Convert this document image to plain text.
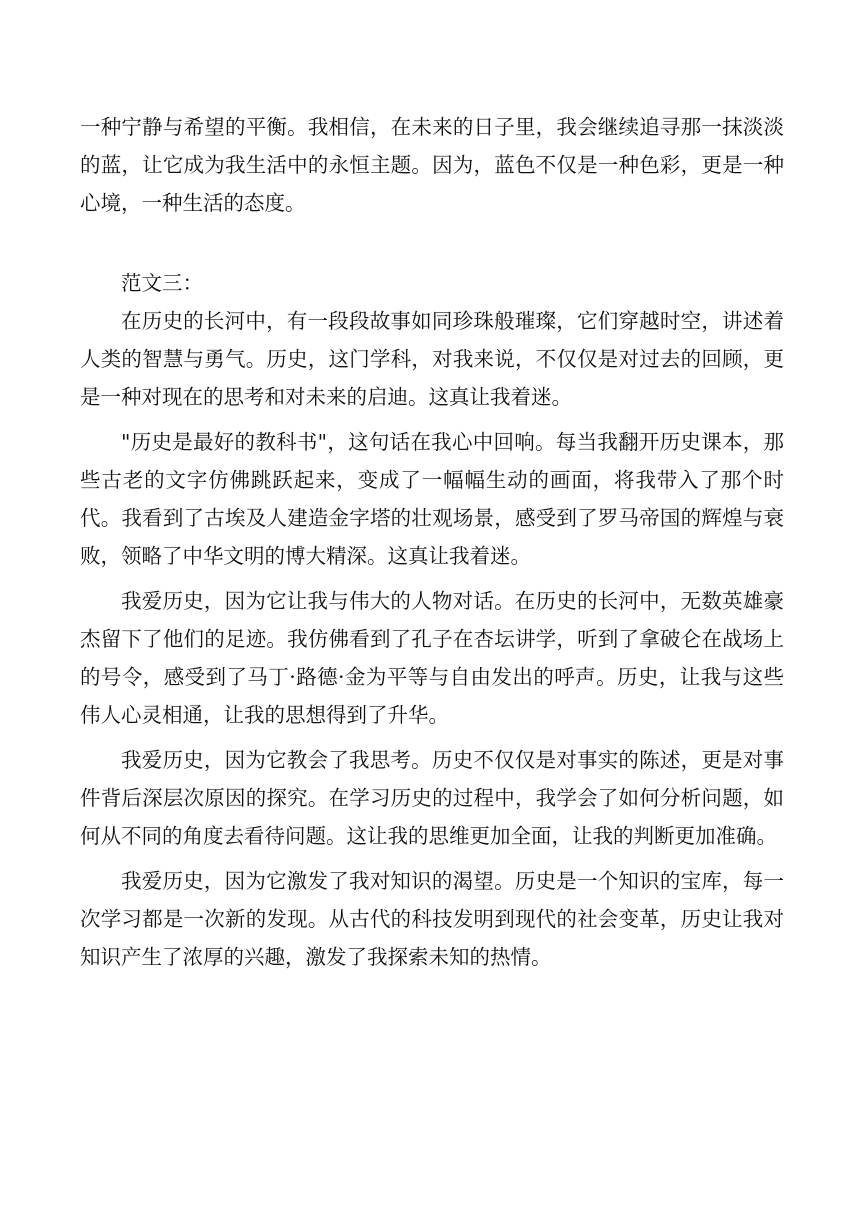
一种宁静与希望的平衡。我相信，在未来的日子里，我会继续追寻那一抹淡淡的蓝，让它成为我生活中的永恒主题。因为，蓝色不仅是一种色彩，更是一种心境，一种生活的态度。

范文三：

在历史的长河中，有一段段故事如同珍珠般璀璨，它们穿越时空，讲述着人类的智慧与勇气。历史，这门学科，对我来说，不仅仅是对过去的回顾，更是一种对现在的思考和对未来的启迪。这真让我着迷。

"历史是最好的教科书"，这句话在我心中回响。每当我翻开历史课本，那些古老的文字仿佛跳跃起来，变成了一幅幅生动的画面，将我带入了那个时代。我看到了古埃及人建造金字塔的壮观场景，感受到了罗马帝国的辉煌与衰败，领略了中华文明的博大精深。这真让我着迷。

我爱历史，因为它让我与伟大的人物对话。在历史的长河中，无数英雄豪杰留下了他们的足迹。我仿佛看到了孔子在杏坛讲学，听到了拿破仑在战场上的号令，感受到了马丁·路德·金为平等与自由发出的呼声。历史，让我与这些伟人心灵相通，让我的思想得到了升华。

我爱历史，因为它教会了我思考。历史不仅仅是对事实的陈述，更是对事件背后深层次原因的探究。在学习历史的过程中，我学会了如何分析问题，如何从不同的角度去看待问题。这让我的思维更加全面，让我的判断更加准确。

我爱历史，因为它激发了我对知识的渴望。历史是一个知识的宝库，每一次学习都是一次新的发现。从古代的科技发明到现代的社会变革，历史让我对知识产生了浓厚的兴趣，激发了我探索未知的热情。
